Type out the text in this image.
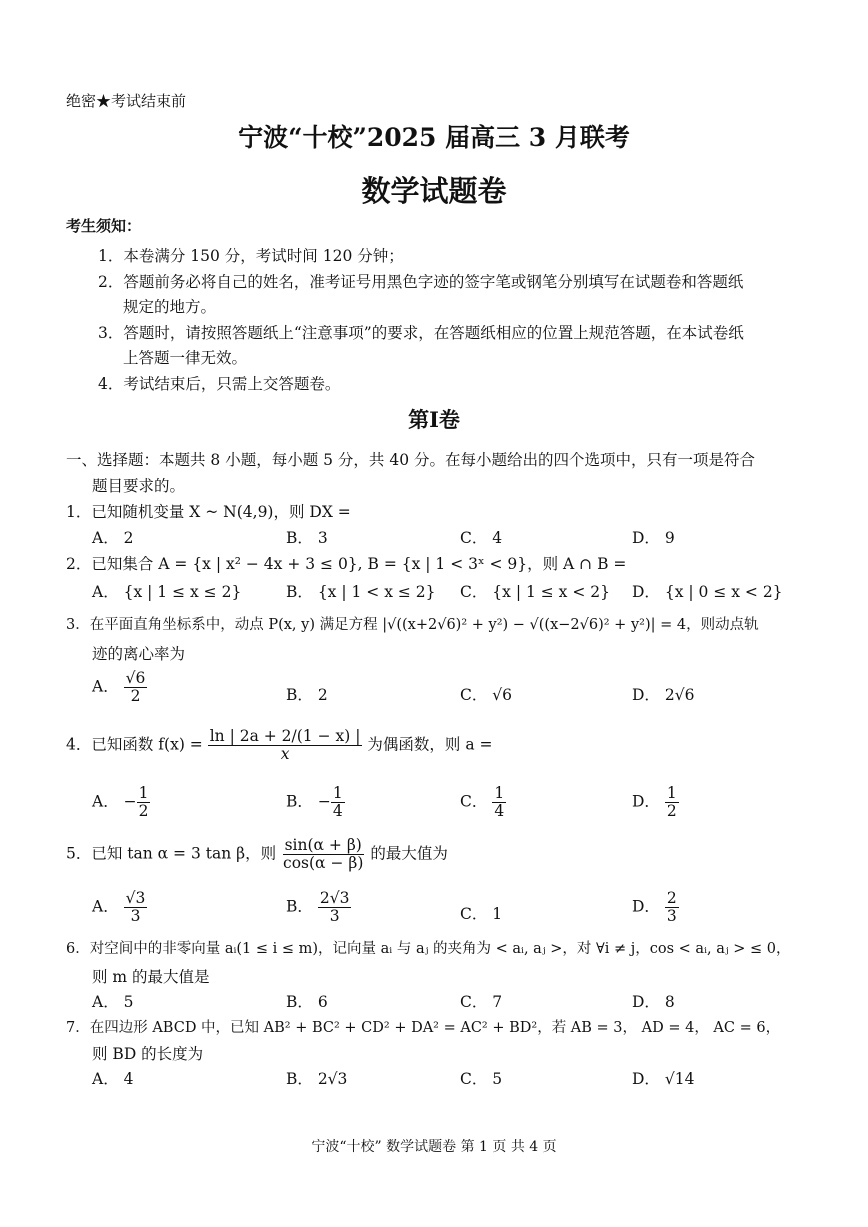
绝密★考试结束前
宁波“十校”2025 届高三 3 月联考
数学试题卷
考生须知：
1．本卷满分 150 分，考试时间 120 分钟；
2．答题前务必将自己的姓名，准考证号用黑色字迹的签字笔或钢笔分别填写在试题卷和答题纸
规定的地方。
3．答题时，请按照答题纸上“注意事项”的要求，在答题纸相应的位置上规范答题，在本试卷纸
上答题一律无效。
4．考试结束后，只需上交答题卷。
第Ⅰ卷
一、选择题：本题共 8 小题，每小题 5 分，共 40 分。在每小题给出的四个选项中，只有一项是符合
题目要求的。
1．已知随机变量 X ~ N(4,9)，则 DX =
A． 2	B． 3	C． 4	D． 9
2．已知集合 A = {x | x² − 4x + 3 ≤ 0}, B = {x | 1 < 3ˣ < 9}，则 A ∩ B =
A． {x | 1 ≤ x ≤ 2}	B． {x | 1 < x ≤ 2} C． {x | 1 ≤ x < 2} D． {x | 0 ≤ x < 2}
3．在平面直角坐标系中，动点 P(x, y) 满足方程 |√((x+2√6)² + y²) − √((x−2√6)² + y²)| = 4，则动点轨
迹的离心率为
A． $\frac{√6}{2}$	B． 2	C． √6	D． 2√6
4．已知函数 $f(x) = \frac{\ln | 2a + 2/(1 - x) |}{x}$ 为偶函数，则 a =
A． − $\frac{1}{2}$	B． − $\frac{1}{4}$	C． $\frac{1}{4}$	D． $\frac{1}{2}$
5．已知 tan α = 3 tan β，则 $\frac{\sin(\alpha + \beta)}{\cos(\alpha - \beta)}$ 的最大值为
A． $\frac{√3}{3}$	B． $\frac{2√3}{3}$	C． 1	D． $\frac{2}{3}$
6．对空间中的非零向量 aᵢ(1 ≤ i ≤ m)，记向量 aᵢ 与 aⱼ 的夹角为 < aᵢ, aⱼ >，对 ∀i ≠ j，cos < aᵢ, aⱼ > ≤ 0，
则 m 的最大值是
A． 5	B． 6	C． 7	D． 8
7．在四边形 ABCD 中，已知 AB² + BC² + CD² + DA² = AC² + BD²，若 AB = 3， AD = 4， AC = 6，
则 BD 的长度为
A． 4	B． 2√3	C． 5	D． √14
宁波“十校” 数学试题卷 第 1 页 共 4 页
